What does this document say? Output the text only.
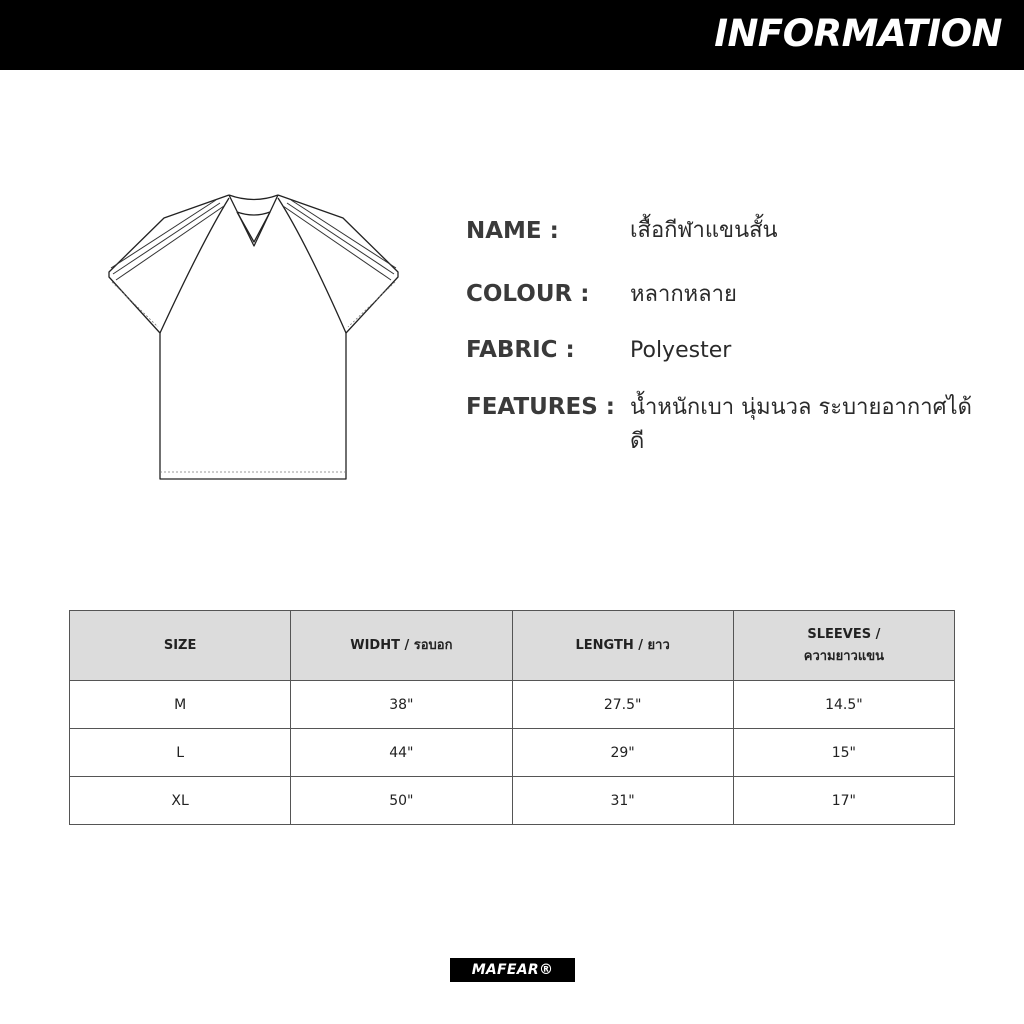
INFORMATION
NAME :	เสื้อกีฬาแขนสั้น
COLOUR : หลากหลาย
FABRIC :	Polyester
FEATURES : น้ำหนักเบา นุ่มนวล ระบายอากาศได้ดี
SIZE	WIDHT / รอบอก	LENGTH / ยาว	SLEEVES /
ความยาวแขน

M	38"	27.5"	14.5"
L	44"	29"	15"
XL	50"	31"	17"
MAFEAR®
